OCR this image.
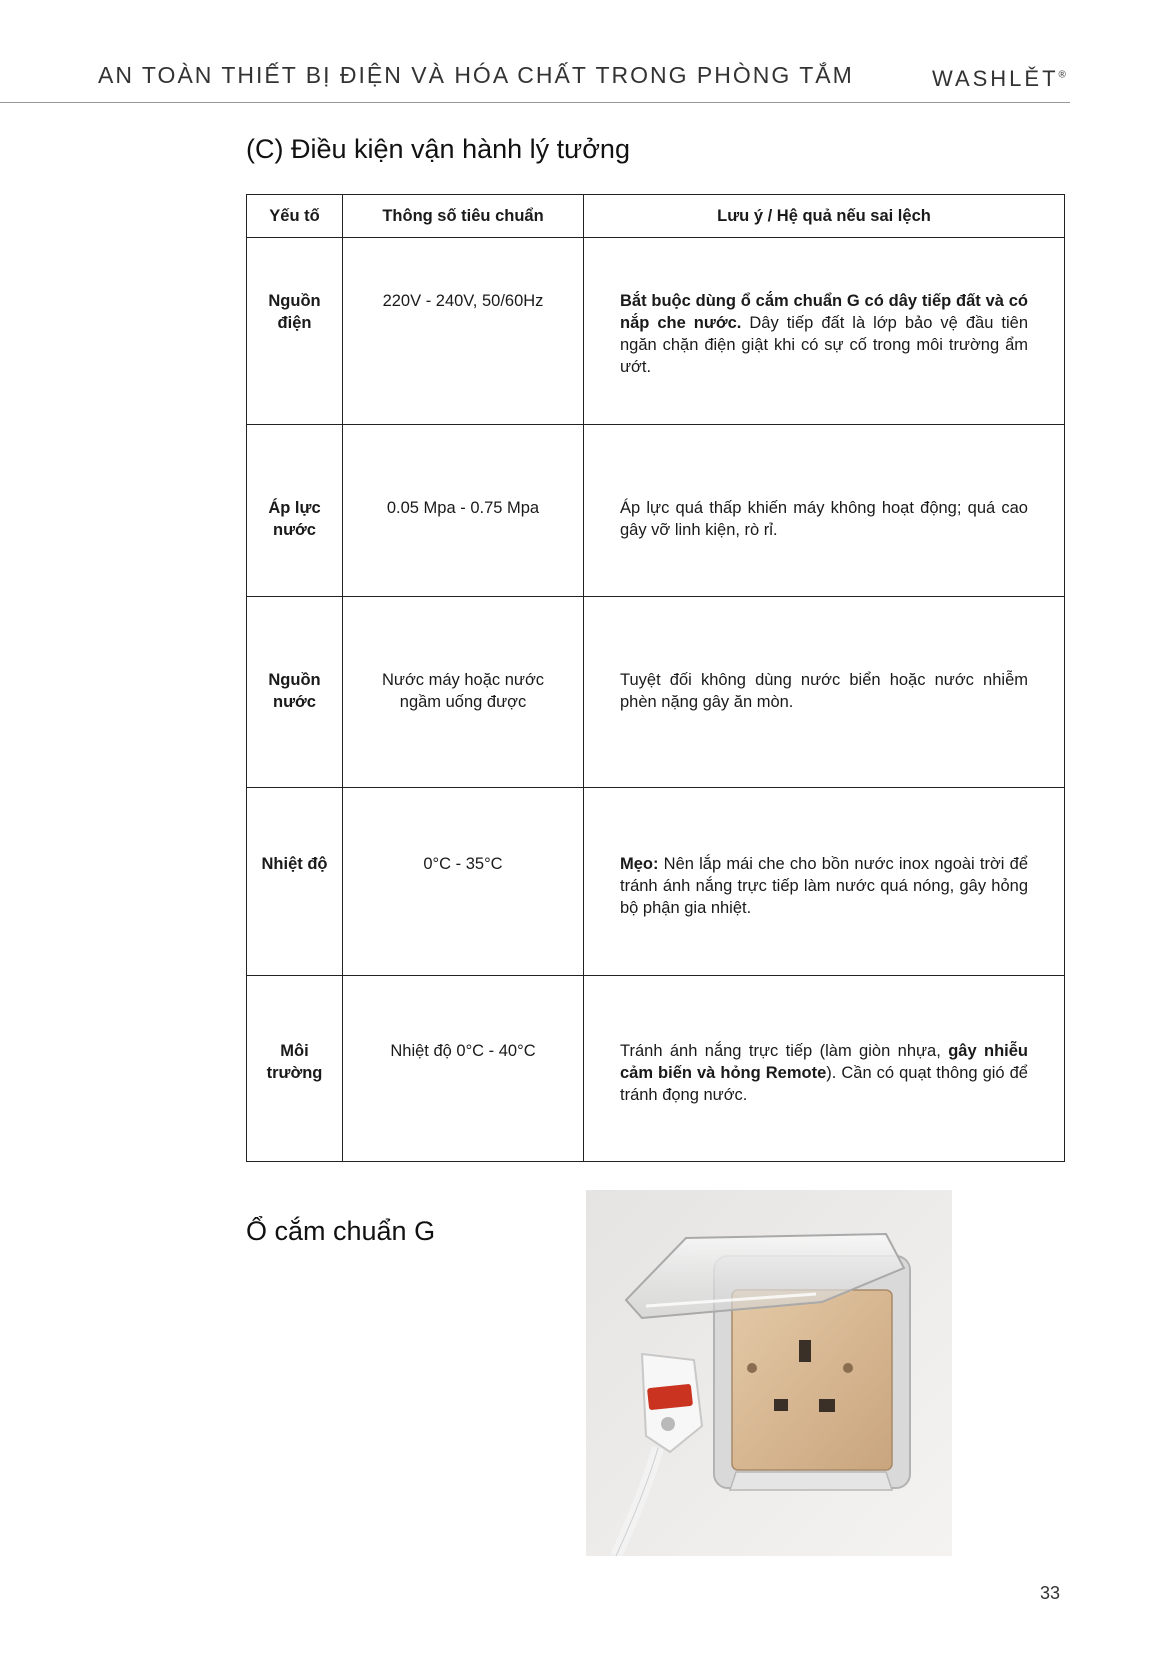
AN TOÀN THIẾT BỊ ĐIỆN VÀ HÓA CHẤT TRONG PHÒNG TẮM	WASHLĚT®
(C) Điều kiện vận hành lý tưởng
Yếu tố	Thông số tiêu chuẩn	Lưu ý / Hệ quả nếu sai lệch

Nguồn điện	220V - 240V, 50/60Hz	Bắt buộc dùng ổ cắm chuẩn G có dây tiếp đất và có nắp che nước. Dây tiếp đất là lớp bảo vệ đầu tiên ngăn chặn điện giật khi có sự cố trong môi trường ẩm ướt.

Áp lực nước	0.05 Mpa - 0.75 Mpa	Áp lực quá thấp khiến máy không hoạt động; quá cao gây vỡ linh kiện, rò rỉ.

Nguồn nước	Nước máy hoặc nước ngầm uống được	Tuyệt đối không dùng nước biển hoặc nước nhiễm phèn nặng gây ăn mòn.

Nhiệt độ	0°C - 35°C	Mẹo: Nên lắp mái che cho bồn nước inox ngoài trời để tránh ánh nắng trực tiếp làm nước quá nóng, gây hỏng bộ phận gia nhiệt.

Môi trường	Nhiệt độ 0°C - 40°C	Tránh ánh nắng trực tiếp (làm giòn nhựa, gây nhiễu cảm biến và hỏng Remote). Cần có quạt thông gió để tránh đọng nước.
Ổ cắm chuẩn G
33
